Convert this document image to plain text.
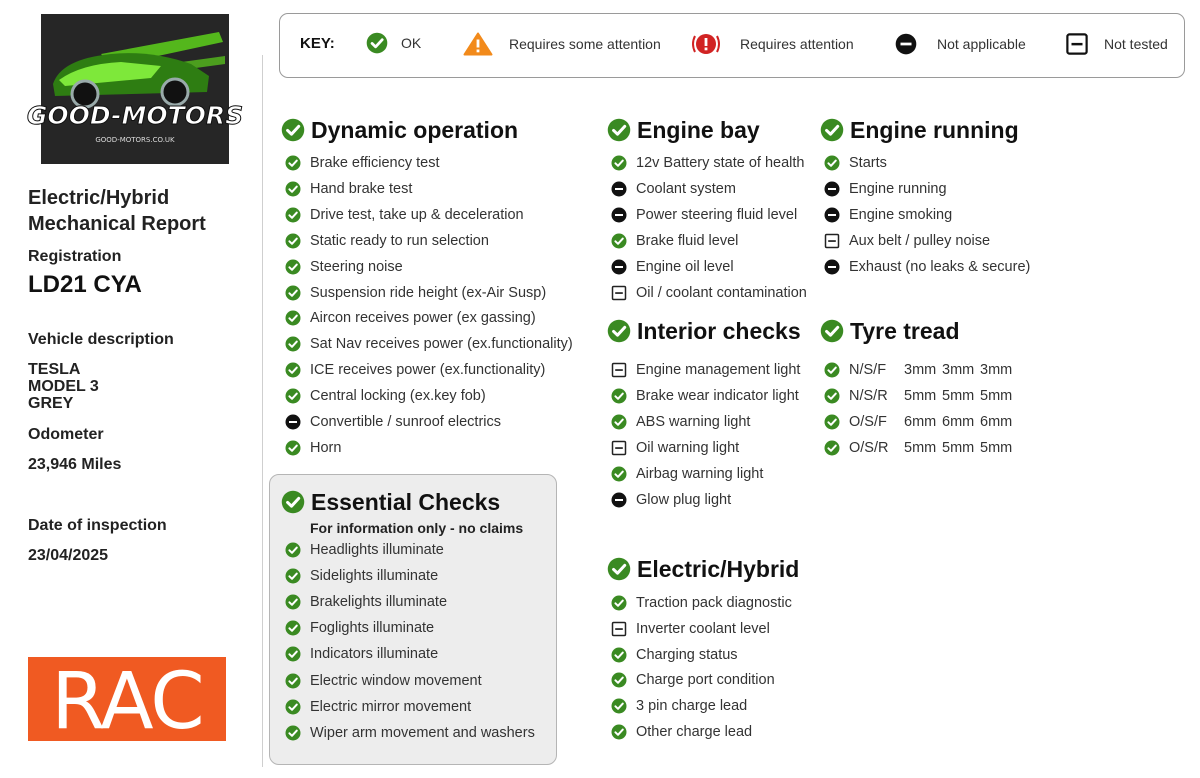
GOOD-MOTORS
GOOD-MOTORS.CO.UK
Electric/Hybrid
Mechanical Report
Registration
LD21 CYA
Vehicle description
TESLA
MODEL 3
GREY
Odometer
23,946 Miles
Date of inspection
23/04/2025
RAC
KEY:	OK	Requires some attention	Requires attention	Not applicable	Not tested
Dynamic operation
Brake efficiency test
Hand brake test
Drive test, take up & deceleration
Static ready to run selection
Steering noise
Suspension ride height (ex-Air Susp)
Aircon receives power (ex gassing)
Sat Nav receives power (ex.functionality)
ICE receives power (ex.functionality)
Central locking (ex.key fob)
Convertible / sunroof electrics
Horn
Essential Checks
For information only - no claims
Headlights illuminate
Sidelights illuminate
Brakelights illuminate
Foglights illuminate
Indicators illuminate
Electric window movement
Electric mirror movement
Wiper arm movement and washers
Engine bay
12v Battery state of health
Coolant system
Power steering fluid level
Brake fluid level
Engine oil level
Oil / coolant contamination
Interior checks
Engine management light
Brake wear indicator light
ABS warning light
Oil warning light
Airbag warning light
Glow plug light
Electric/Hybrid
Traction pack diagnostic
Inverter coolant level
Charging status
Charge port condition
3 pin charge lead
Other charge lead
Engine running
Starts
Engine running
Engine smoking
Aux belt / pulley noise
Exhaust (no leaks & secure)
Tyre tread
N/S/F 3mm 3mm 3mm
N/S/R 5mm 5mm 5mm
O/S/F 6mm 6mm 6mm
O/S/R 5mm 5mm 5mm
